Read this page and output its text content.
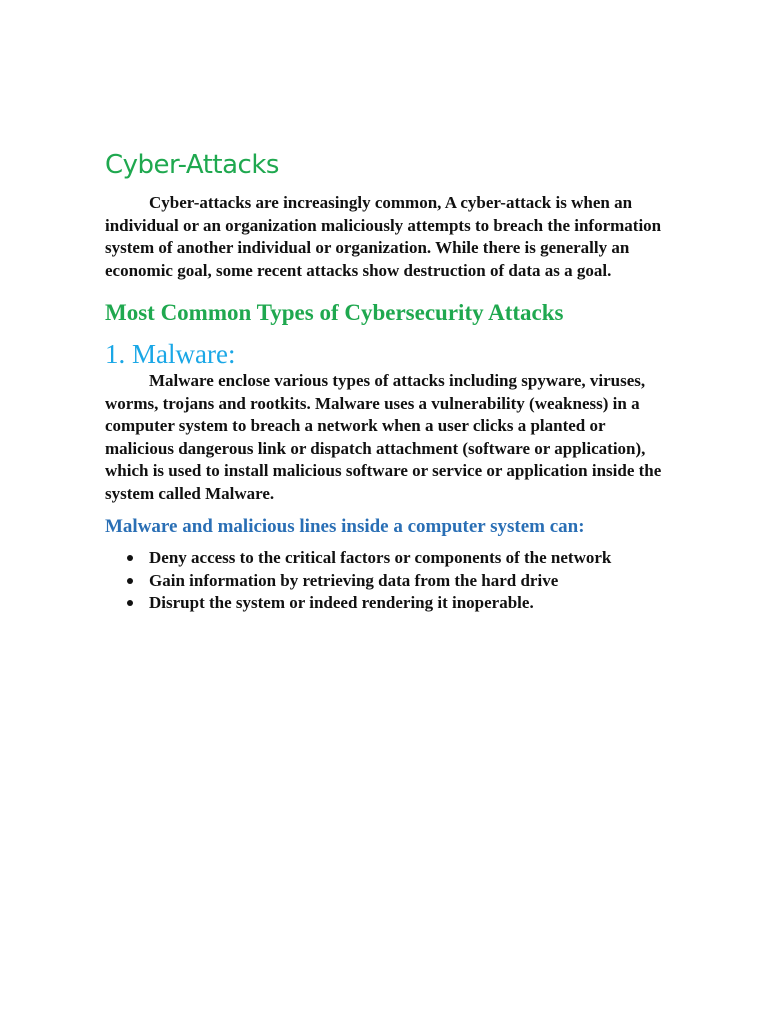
Cyber-Attacks

Cyber-attacks are increasingly common, A cyber-attack is when an individual or an organization maliciously attempts to breach the information system of another individual or organization. While there is generally an economic goal, some recent attacks show destruction of data as a goal.

Most Common Types of Cybersecurity Attacks
1. Malware:

Malware enclose various types of attacks including spyware, viruses, worms, trojans and rootkits. Malware uses a vulnerability (weakness) in a computer system to breach a network when a user clicks a planted or malicious dangerous link or dispatch attachment (software or application), which is used to install malicious software or service or application inside the system called Malware.

Malware and malicious lines inside a computer system can:
Deny access to the critical factors or components of the network
Gain information by retrieving data from the hard drive
Disrupt the system or indeed rendering it inoperable.
